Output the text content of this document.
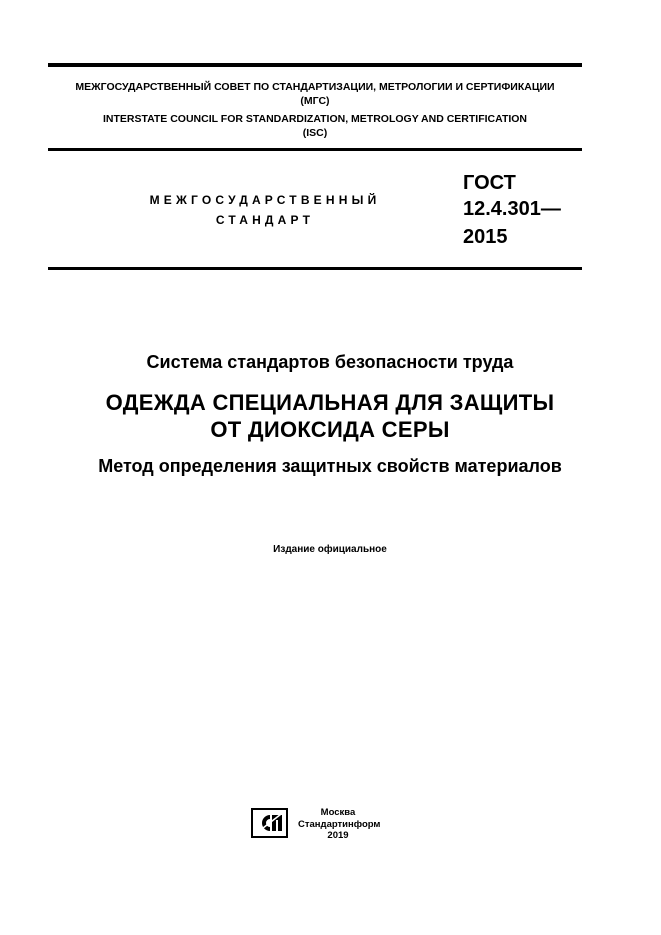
МЕЖГОСУДАРСТВЕННЫЙ СОВЕТ ПО СТАНДАРТИЗАЦИИ, МЕТРОЛОГИИ И СЕРТИФИКАЦИИ
(МГС)
INTERSTATE COUNCIL FOR STANDARDIZATION, METROLOGY AND CERTIFICATION
(ISC)
МЕЖГОСУДАРСТВЕННЫЙ
СТАНДАРТ
ГОСТ
12.4.301—
2015
Система стандартов безопасности труда
ОДЕЖДА СПЕЦИАЛЬНАЯ ДЛЯ ЗАЩИТЫ
ОТ ДИОКСИДА СЕРЫ
Метод определения защитных свойств материалов
Издание официальное
Москва
Стандартинформ
2019
